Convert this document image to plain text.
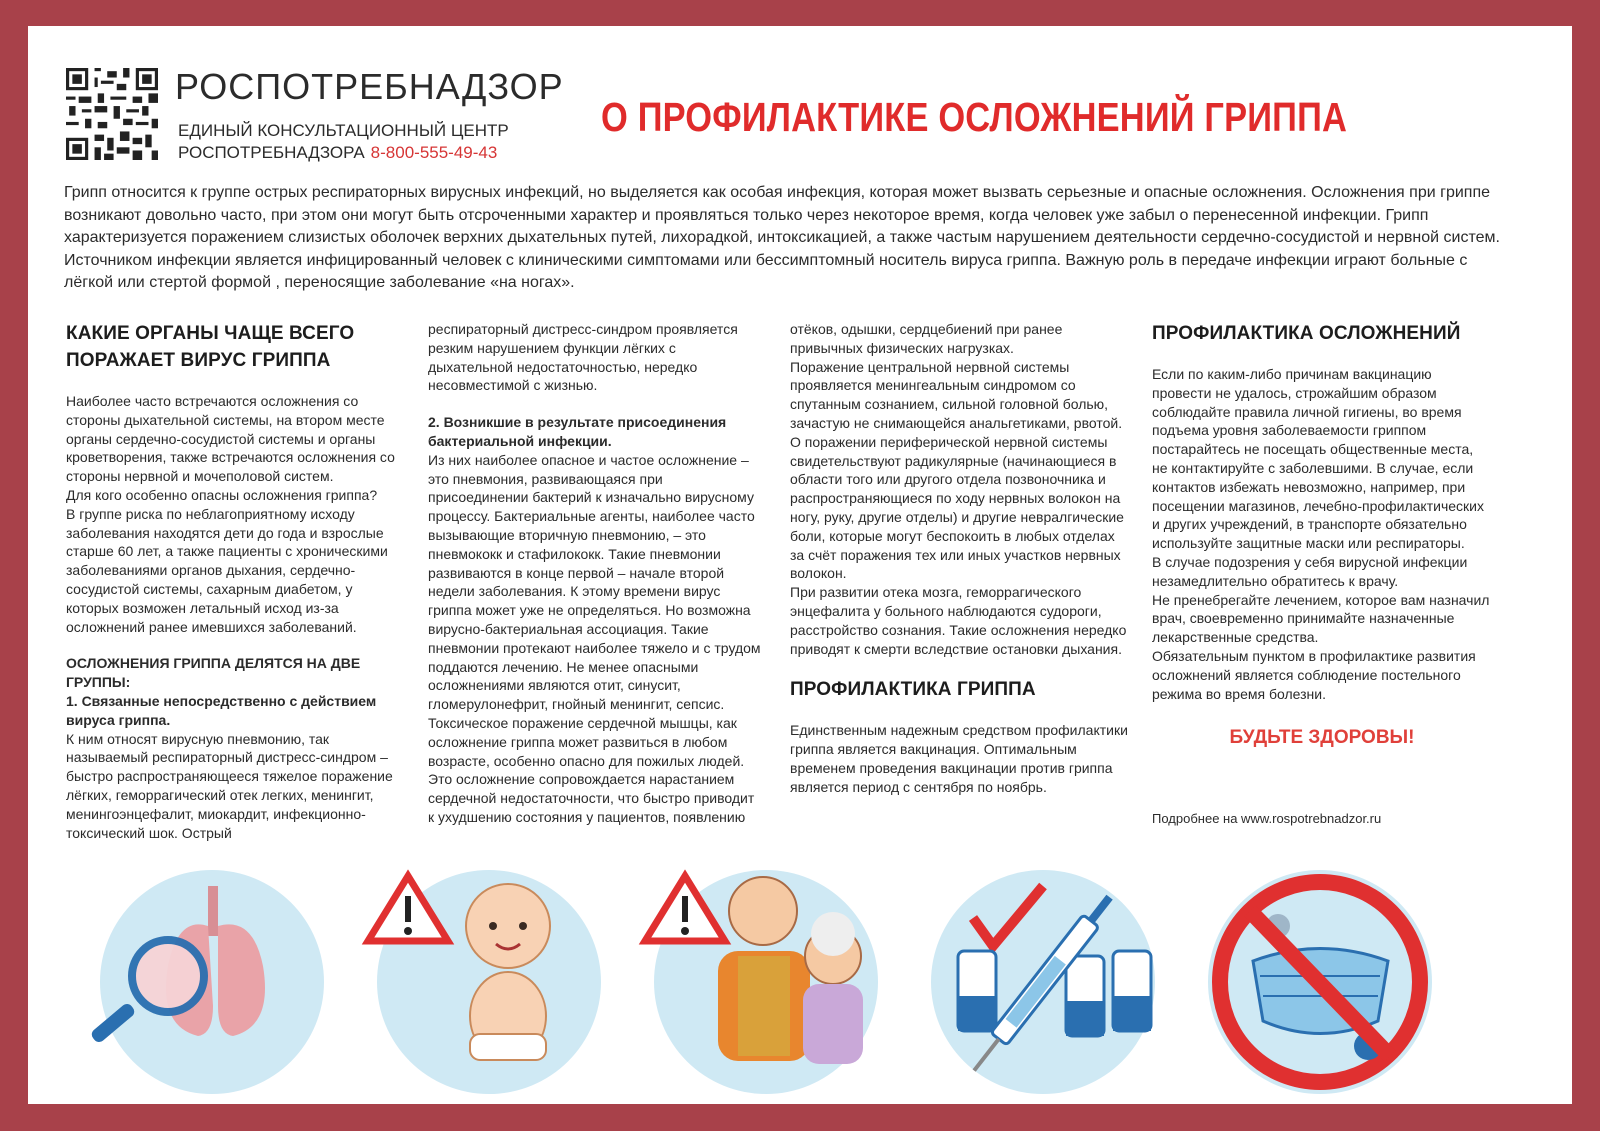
РОСПОТРЕБНАДЗОР
ЕДИНЫЙ КОНСУЛЬТАЦИОННЫЙ ЦЕНТР
РОСПОТРЕБНАДЗОРА 8-800-555-49-43
О ПРОФИЛАКТИКЕ ОСЛОЖНЕНИЙ ГРИППА
Грипп относится к группе острых респираторных вирусных инфекций, но выделяется как особая инфекция, которая может вызвать серьезные и опасные осложнения. Осложнения при гриппе возникают довольно часто, при этом они могут быть отсроченными характер и проявляться только через некоторое время, когда человек уже забыл о перенесенной инфекции. Грипп характеризуется поражением слизистых оболочек верхних дыхательных путей, лихорадкой, интоксикацией, а также частым нарушением деятельности сердечно-сосудистой и нервной систем. Источником инфекции является инфицированный человек с клиническими симптомами или бессимптомный носитель вируса гриппа. Важную роль в передаче инфекции играют больные с лёгкой или стертой формой , переносящие заболевание «на ногах».

КАКИЕ ОРГАНЫ ЧАЩЕ ВСЕГО ПОРАЖАЕТ ВИРУС ГРИППА

Наиболее часто встречаются осложнения со стороны дыхательной системы, на втором месте органы сердечно-сосудистой системы и органы кроветворения, также встречаются осложнения со стороны нервной и мочеполовой систем.

Для кого особенно опасны осложнения гриппа?

В группе риска по неблагоприятному исходу заболевания находятся дети до года и взрослые старше 60 лет, а также пациенты с хроническими заболеваниями органов дыхания, сердечно-сосудистой системы, сахарным диабетом, у которых возможен летальный исход из-за осложнений ранее имевшихся заболеваний.

ОСЛОЖНЕНИЯ ГРИППА ДЕЛЯТСЯ НА ДВЕ ГРУППЫ:

1. Связанные непосредственно с действием вируса гриппа.

К ним относят вирусную пневмонию, так называемый респираторный дистресс-синдром – быстро распространяющееся тяжелое поражение лёгких, геморрагический отек легких, менингит, менингоэнцефалит, миокардит, инфекционно-токсический шок. Острый

респираторный дистресс-синдром проявляется резким нарушением функции лёгких с дыхательной недостаточностью, нередко несовместимой с жизнью.

2. Возникшие в результате присоединения бактериальной инфекции.

Из них наиболее опасное и частое осложнение – это пневмония, развивающаяся при присоединении бактерий к изначально вирусному процессу. Бактериальные агенты, наиболее часто вызывающие вторичную пневмонию, – это пневмококк и стафилококк. Такие пневмонии развиваются в конце первой – начале второй недели заболевания. К этому времени вирус гриппа может уже не определяться. Но возможна вирусно-бактериальная ассоциация. Такие пневмонии протекают наиболее тяжело и с трудом поддаются лечению. Не менее опасными осложнениями являются отит, синусит, гломерулонефрит, гнойный менингит, сепсис. Токсическое поражение сердечной мышцы, как осложнение гриппа может развиться в любом возрасте, особенно опасно для пожилых людей. Это осложнение сопровождается нарастанием сердечной недостаточности, что быстро приводит к ухудшению состояния у пациентов, появлению

отёков, одышки, сердцебиений при ранее привычных физических нагрузках.

Поражение центральной нервной системы проявляется менингеальным синдромом со спутанным сознанием, сильной головной болью, зачастую не снимающейся анальгетиками, рвотой.

О поражении периферической нервной системы свидетельствуют радикулярные (начинающиеся в области того или другого отдела позвоночника и распространяющиеся по ходу нервных волокон на ногу, руку, другие отделы) и другие невралгические боли, которые могут беспокоить в любых отделах за счёт поражения тех или иных участков нервных волокон.

При развитии отека мозга, геморрагического энцефалита у больного наблюдаются судороги, расстройство сознания. Такие осложнения нередко приводят к смерти вследствие остановки дыхания.

ПРОФИЛАКТИКА ГРИППА

Единственным надежным средством профилактики гриппа является вакцинация. Оптимальным временем проведения вакцинации против гриппа является период с сентября по ноябрь.

ПРОФИЛАКТИКА ОСЛОЖНЕНИЙ

Если по каким-либо причинам вакцинацию провести не удалось, строжайшим образом соблюдайте правила личной гигиены, во время подъема уровня заболеваемости гриппом постарайтесь не посещать общественные места, не контактируйте с заболевшими. В случае, если контактов избежать невозможно, например, при посещении магазинов, лечебно-профилактических и других учреждений, в транспорте обязательно используйте защитные маски или респираторы.

В случае подозрения у себя вирусной инфекции незамедлительно обратитесь к врачу.

Не пренебрегайте лечением, которое вам назначил врач, своевременно принимайте назначенные лекарственные средства.

Обязательным пунктом в профилактике развития осложнений является соблюдение постельного режима во время болезни.

БУДЬТЕ ЗДОРОВЫ!
Подробнее на www.rospotrebnadzor.ru
